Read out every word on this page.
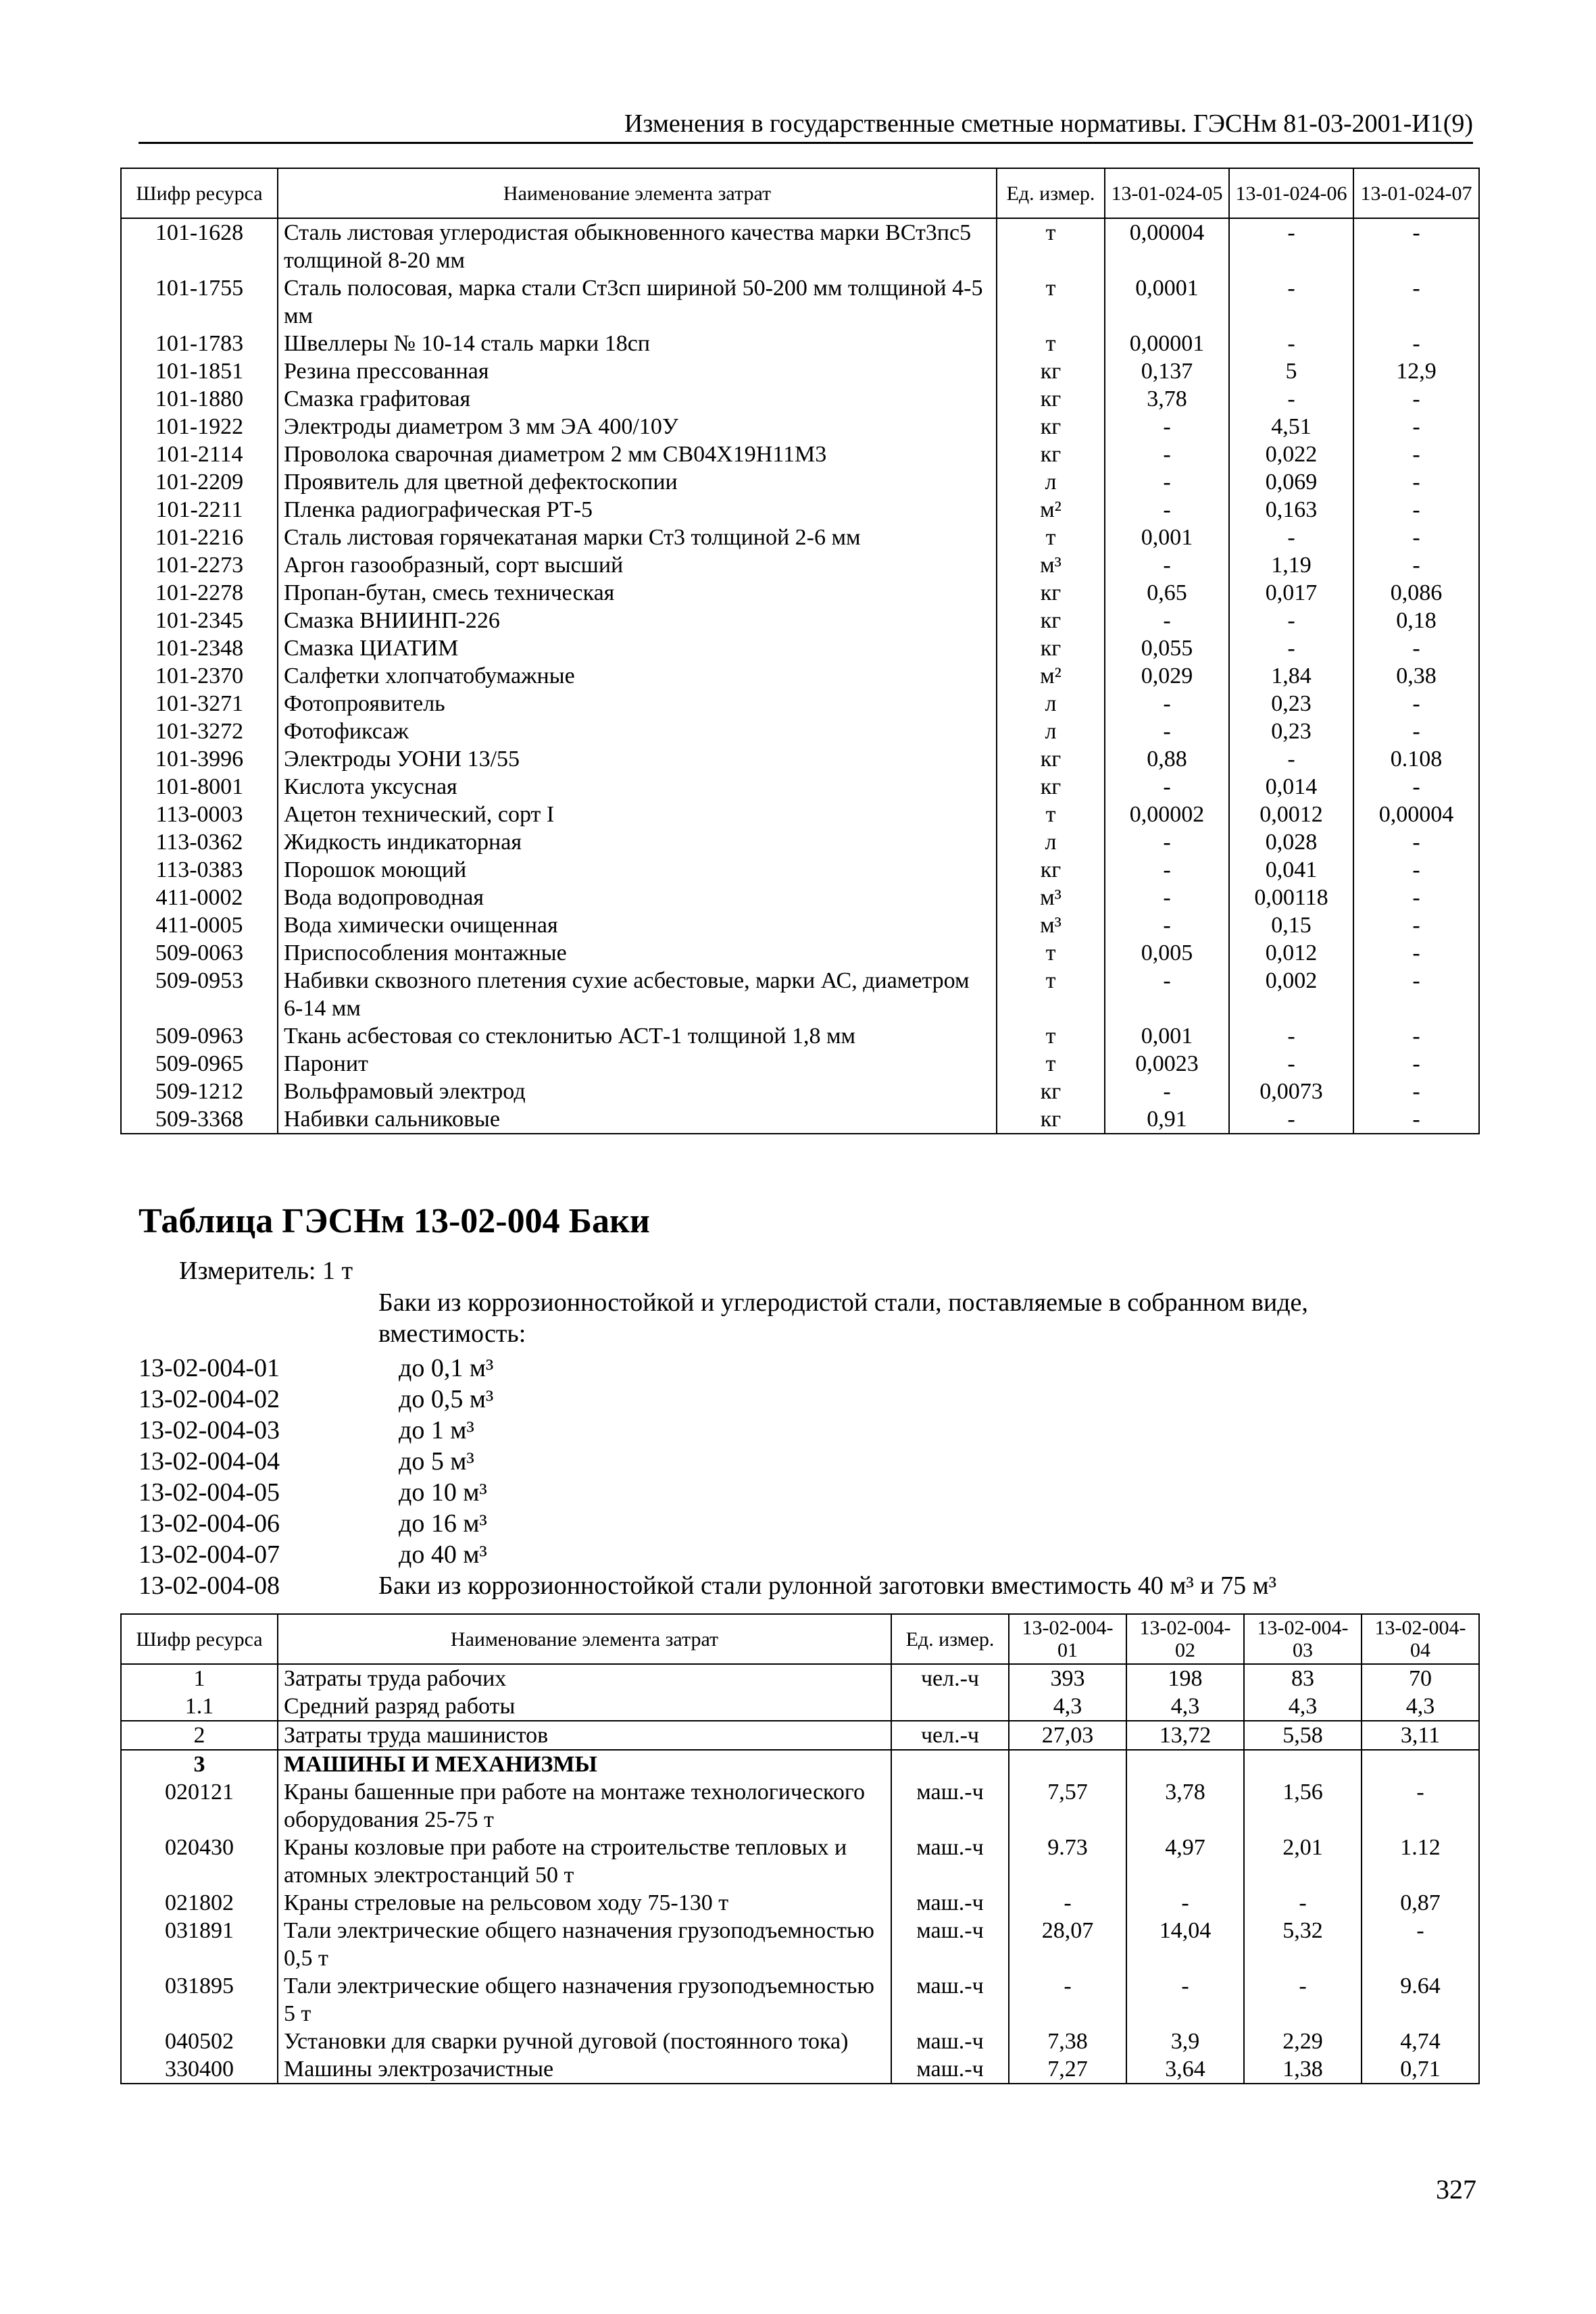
Изменения в государственные сметные нормативы. ГЭСНм 81-03-2001-И1(9)
Шифр ресурса	Наименование элемента затрат	Ед. измер.	13-01-024-05	13-01-024-06	13-01-024-07
101-1628	Сталь листовая углеродистая обыкновенного качества марки ВСт3пс5 толщиной 8-20 мм	т	0,00004	-	-
101-1755	Сталь полосовая, марка стали Ст3сп шириной 50-200 мм толщиной 4-5 мм	т	0,0001	-	-
101-1783	Швеллеры № 10-14 сталь марки 18сп	т	0,00001	-	-
101-1851	Резина прессованная	кг	0,137	5	12,9
101-1880	Смазка графитовая	кг	3,78	-	-
101-1922	Электроды диаметром 3 мм ЭА 400/10У	кг	-	4,51	-
101-2114	Проволока сварочная диаметром 2 мм СВ04Х19Н11М3	кг	-	0,022	-
101-2209	Проявитель для цветной дефектоскопии	л	-	0,069	-
101-2211	Пленка радиографическая РТ-5	м²	-	0,163	-
101-2216	Сталь листовая горячекатаная марки Ст3 толщиной 2-6 мм	т	0,001	-	-
101-2273	Аргон газообразный, сорт высший	м³	-	1,19	-
101-2278	Пропан-бутан, смесь техническая	кг	0,65	0,017	0,086
101-2345	Смазка ВНИИНП-226	кг	-	-	0,18
101-2348	Смазка ЦИАТИМ	кг	0,055	-	-
101-2370	Салфетки хлопчатобумажные	м²	0,029	1,84	0,38
101-3271	Фотопроявитель	л	-	0,23	-
101-3272	Фотофиксаж	л	-	0,23	-
101-3996	Электроды УОНИ 13/55	кг	0,88	-	0.108
101-8001	Кислота уксусная	кг	-	0,014	-
113-0003	Ацетон технический, сорт I	т	0,00002	0,0012	0,00004
113-0362	Жидкость индикаторная	л	-	0,028	-
113-0383	Порошок моющий	кг	-	0,041	-
411-0002	Вода водопроводная	м³	-	0,00118	-
411-0005	Вода химически очищенная	м³	-	0,15	-
509-0063	Приспособления монтажные	т	0,005	0,012	-
509-0953	Набивки сквозного плетения сухие асбестовые, марки АС, диаметром 6-14 мм	т	-	0,002	-
509-0963	Ткань асбестовая со стеклонитью АСТ-1 толщиной 1,8 мм	т	0,001	-	-
509-0965	Паронит	т	0,0023	-	-
509-1212	Вольфрамовый электрод	кг	-	0,0073	-
509-3368	Набивки сальниковые	кг	0,91	-	-
Таблица ГЭСНм 13-02-004 Баки
Измеритель: 1 т
Баки из коррозионностойкой и углеродистой стали, поставляемые в собранном виде, вместимость:
13-02-004-01	до 0,1 м³
13-02-004-02	до 0,5 м³
13-02-004-03	до 1 м³
13-02-004-04	до 5 м³
13-02-004-05	до 10 м³
13-02-004-06	до 16 м³
13-02-004-07	до 40 м³
13-02-004-08	Баки из коррозионностойкой стали рулонной заготовки вместимость 40 м³ и 75 м³
Шифр ресурса	Наименование элемента затрат	Ед. измер.	13-02-004-01	13-02-004-02	13-02-004-03	13-02-004-04
1	Затраты труда рабочих	чел.-ч	393	198	83	70
1.1	Средний разряд работы		4,3	4,3	4,3	4,3
2	Затраты труда машинистов	чел.-ч	27,03	13,72	5,58	3,11
3	МАШИНЫ И МЕХАНИЗМЫ					
020121	Краны башенные при работе на монтаже технологического оборудования 25-75 т	маш.-ч	7,57	3,78	1,56	-
020430	Краны козловые при работе на строительстве тепловых и атомных электростанций 50 т	маш.-ч	9.73	4,97	2,01	1.12
021802	Краны стреловые на рельсовом ходу 75-130 т	маш.-ч	-	-	-	0,87
031891	Тали электрические общего назначения грузоподъемностью 0,5 т	маш.-ч	28,07	14,04	5,32	-
031895	Тали электрические общего назначения грузоподъемностью 5 т	маш.-ч	-	-	-	9.64
040502	Установки для сварки ручной дуговой (постоянного тока)	маш.-ч	7,38	3,9	2,29	4,74
330400	Машины электрозачистные	маш.-ч	7,27	3,64	1,38	0,71
327
